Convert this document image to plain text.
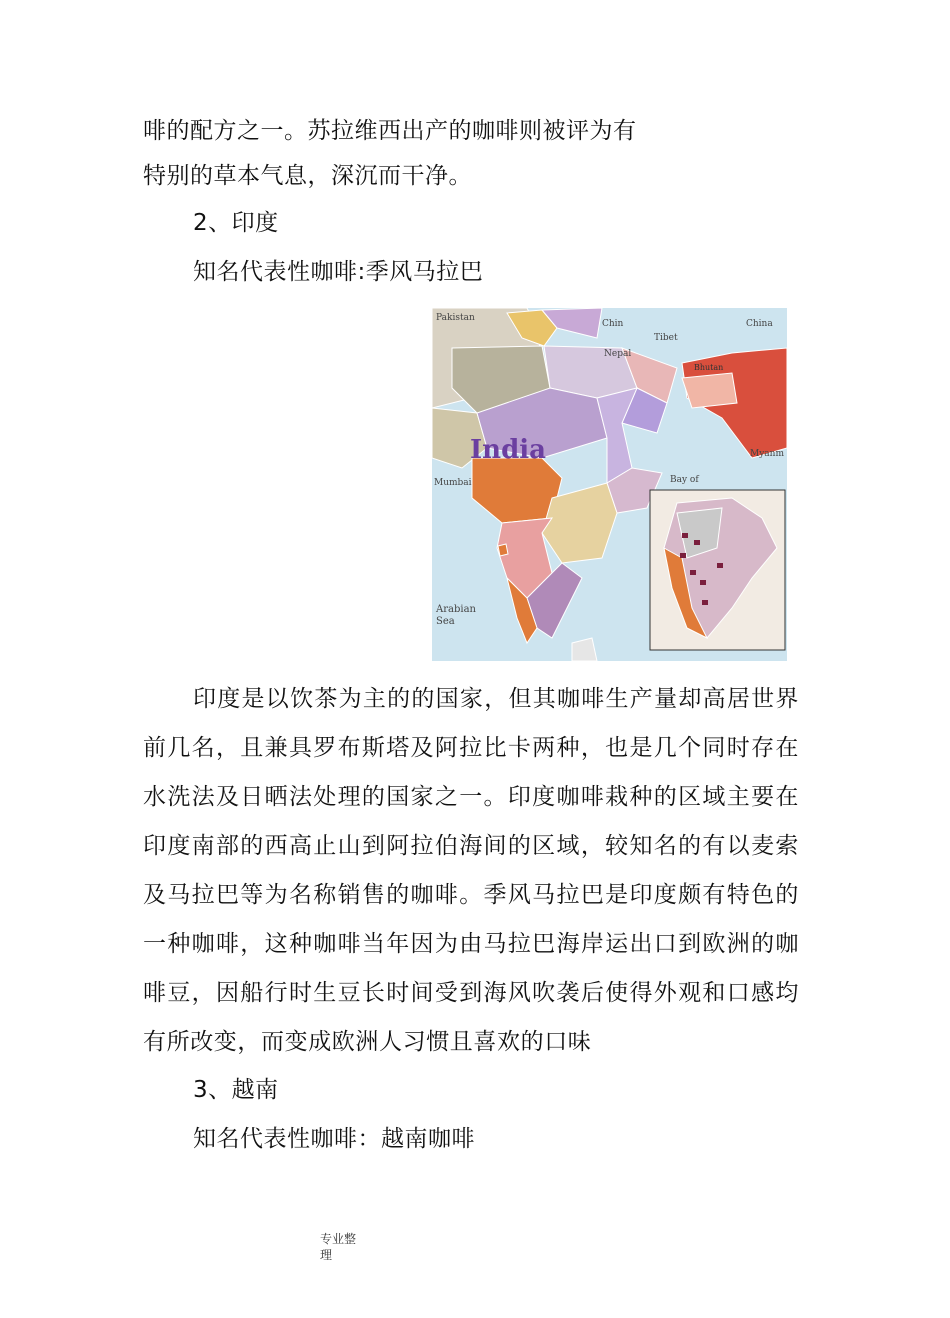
啡的配方之一。苏拉维西出产的咖啡则被评为有
特别的草本气息，深沉而干净。
2、印度
知名代表性咖啡:季风马拉巴
India
Pakistan
Chin
Tibet
China
Nepal
Bhutan
Myanm
Mumbai	Bay of
Arabian
Sea
印度是以饮茶为主的的国家，但其咖啡生产量却高居世界前几名，且兼具罗布斯塔及阿拉比卡两种，也是几个同时存在水洗法及日晒法处理的国家之一。印度咖啡栽种的区域主要在印度南部的西高止山到阿拉伯海间的区域，较知名的有以麦索及马拉巴等为名称销售的咖啡。季风马拉巴是印度颇有特色的一种咖啡，这种咖啡当年因为由马拉巴海岸运出口到欧洲的咖啡豆，因船行时生豆长时间受到海风吹袭后使得外观和口感均有所改变，而变成欧洲人习惯且喜欢的口味
3、越南
知名代表性咖啡：越南咖啡
专业整
理
